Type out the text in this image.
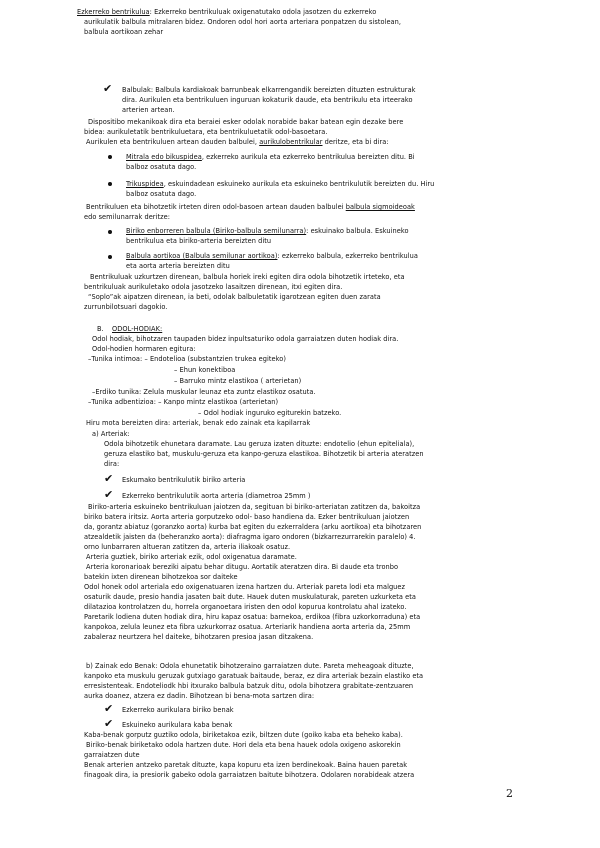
Ezkerreko bentrikulua: Ezkerreko bentrikuluak oxigenatutako odola jasotzen du ezkerreko
aurikulatik balbula mitralaren bidez. Ondoren odol hori aorta arteriara ponpatzen du sistolean,
balbula aortikoan zehar
✔ Balbulak: Balbula kardiakoak barrunbeak elkarrengandik bereizten dituzten estrukturak
dira. Aurikulen eta bentrikuluen inguruan kokaturik daude, eta bentrikulu eta irteerako
arterien artean.
Dispositibo mekanikoak dira eta beraiei esker odolak norabide bakar batean egin dezake bere
bidea: aurikuletatik bentrikuluetara, eta bentrikuluetatik odol-basoetara.
Aurikulen eta bentrikuluen artean dauden balbulei, aurikulobentrikular deritze, eta bi dira:
Mitrala edo bikuspidea, ezkerreko aurikula eta ezkerreko bentrikulua bereizten ditu. Bi
balboz osatuta dago.
Trikuspidea, eskuindadean eskuineko aurikula eta eskuineko bentrikulutik bereizten du. Hiru
balboz osatuta dago.
Bentrikuluen eta bihotzetik irteten diren odol-basoen artean dauden balbulei balbula sigmoideoak
edo semilunarrak deritze:
Biriko enborreren balbula (Biriko-balbula semilunarra): eskuinako balbula. Eskuineko
bentrikulua eta biriko-arteria bereizten ditu
Balbula aortikoa (Balbula semilunar aortikoa): ezkerreko balbula, ezkerreko bentrikulua
eta aorta arteria bereizten ditu
Bentrikuluak uzkurtzen direnean, balbula horiek ireki egiten dira odola bihotzetik irteteko, eta
bentrikuluak aurikuletako odola jasotzeko lasaitzen direnean, itxi egiten dira.
“Soplo”ak aipatzen direnean, ia beti, odolak balbuletatik igarotzean egiten duen zarata
zurrunbilotsuari dagokio.
B. ODOL-HODIAK:
Odol hodiak, bihotzaren taupaden bidez inpultsaturiko odola garraiatzen duten hodiak dira.
Odol-hodien hormaren egitura:
–Tunika intimoa: – Endotelioa (substantzien trukea egiteko)
– Ehun konektiboa
– Barruko mintz elastikoa ( arterietan)
–Erdiko tunika: Zelula muskular leunaz eta zuntz elastikoz osatuta.
–Tunika adbentizioa: – Kanpo mintz elastikoa (arterietan)
– Odol hodiak inguruko egiturekin batzeko.
Hiru mota bereizten dira: arteriak, benak edo zainak eta kapilarrak
a) Arteriak:
Odola bihotzetik ehunetara daramate. Lau geruza izaten dituzte: endotelio (ehun epiteliala),
geruza elastiko bat, muskulu-geruza eta kanpo-geruza elastikoa. Bihotzetik bi arteria ateratzen
dira:
✔ Eskumako bentrikulutik biriko arteria
✔ Ezkerreko bentrikulutik aorta arteria (diametroa 25mm )
Biriko-arteria eskuineko bentrikuluan jaiotzen da, segituan bi biriko-arteriatan zatitzen da, bakoitza
biriko batera iritsiz. Aorta arteria gorputzeko odol- baso handiena da. Ezker bentrikuluan jaiotzen
da, gorantz abiatuz (goranzko aorta) kurba bat egiten du ezkerraldera (arku aortikoa) eta bihotzaren
atzealdetik jaisten da (beheranzko aorta): diafragma igaro ondoren (bizkarrezurrarekin paralelo) 4.
orno lunbarraren altueran zatitzen da, arteria iliakoak osatuz.
Arteria guztiek, biriko arteriak ezik, odol oxigenatua daramate.
Arteria koronarioak bereziki aipatu behar ditugu. Aortatik ateratzen dira. Bi daude eta tronbo
batekin ixten direnean bihotzekoa sor daiteke
Odol honek odol arteriala edo oxigenatuaren izena hartzen du. Arteriak pareta lodi eta malguez
osaturik daude, presio handia jasaten bait dute. Hauek duten muskulaturak, pareten uzkurketa eta
dilatazioa kontrolatzen du, horrela organoetara iristen den odol kopurua kontrolatu ahal izateko.
Paretarik lodiena duten hodiak dira, hiru kapaz osatua: barnekoa, erdikoa (fibra uzkorkorraduna) eta
kanpokoa, zelula leunez eta fibra uzkurkorraz osatua. Arteriarik handiena aorta arteria da, 25mm
zabaleraz neurtzera hel daiteke, bihotzaren presioa jasan ditzakena.
b) Zainak edo Benak: Odola ehunetatik bihotzeraino garraiatzen dute. Pareta meheagoak dituzte,
kanpoko eta muskulu geruzak gutxiago garatuak baitaude, beraz, ez dira arteriak bezain elastiko eta
erresistenteak. Endoteliodk hbi itxurako balbula batzuk ditu, odola bihotzera grabitate-zentzuaren
aurka doanez, atzera ez dadin. Bihotzean bi bena-mota sartzen dira:
✔ Ezkerreko aurikulara biriko benak
✔ Eskuineko aurikulara kaba benak
Kaba-benak gorputz guztiko odola, biriketakoa ezik, biltzen dute (goiko kaba eta beheko kaba).
Biriko-benak biriketako odola hartzen dute. Hori dela eta bena hauek odola oxigeno askorekin
garraiatzen dute
Benak arterien antzeko paretak dituzte, kapa kopuru eta izen berdinekoak. Baina hauen paretak
finagoak dira, ia presiorik gabeko odola garraiatzen baitute bihotzera. Odolaren norabideak atzera
2
